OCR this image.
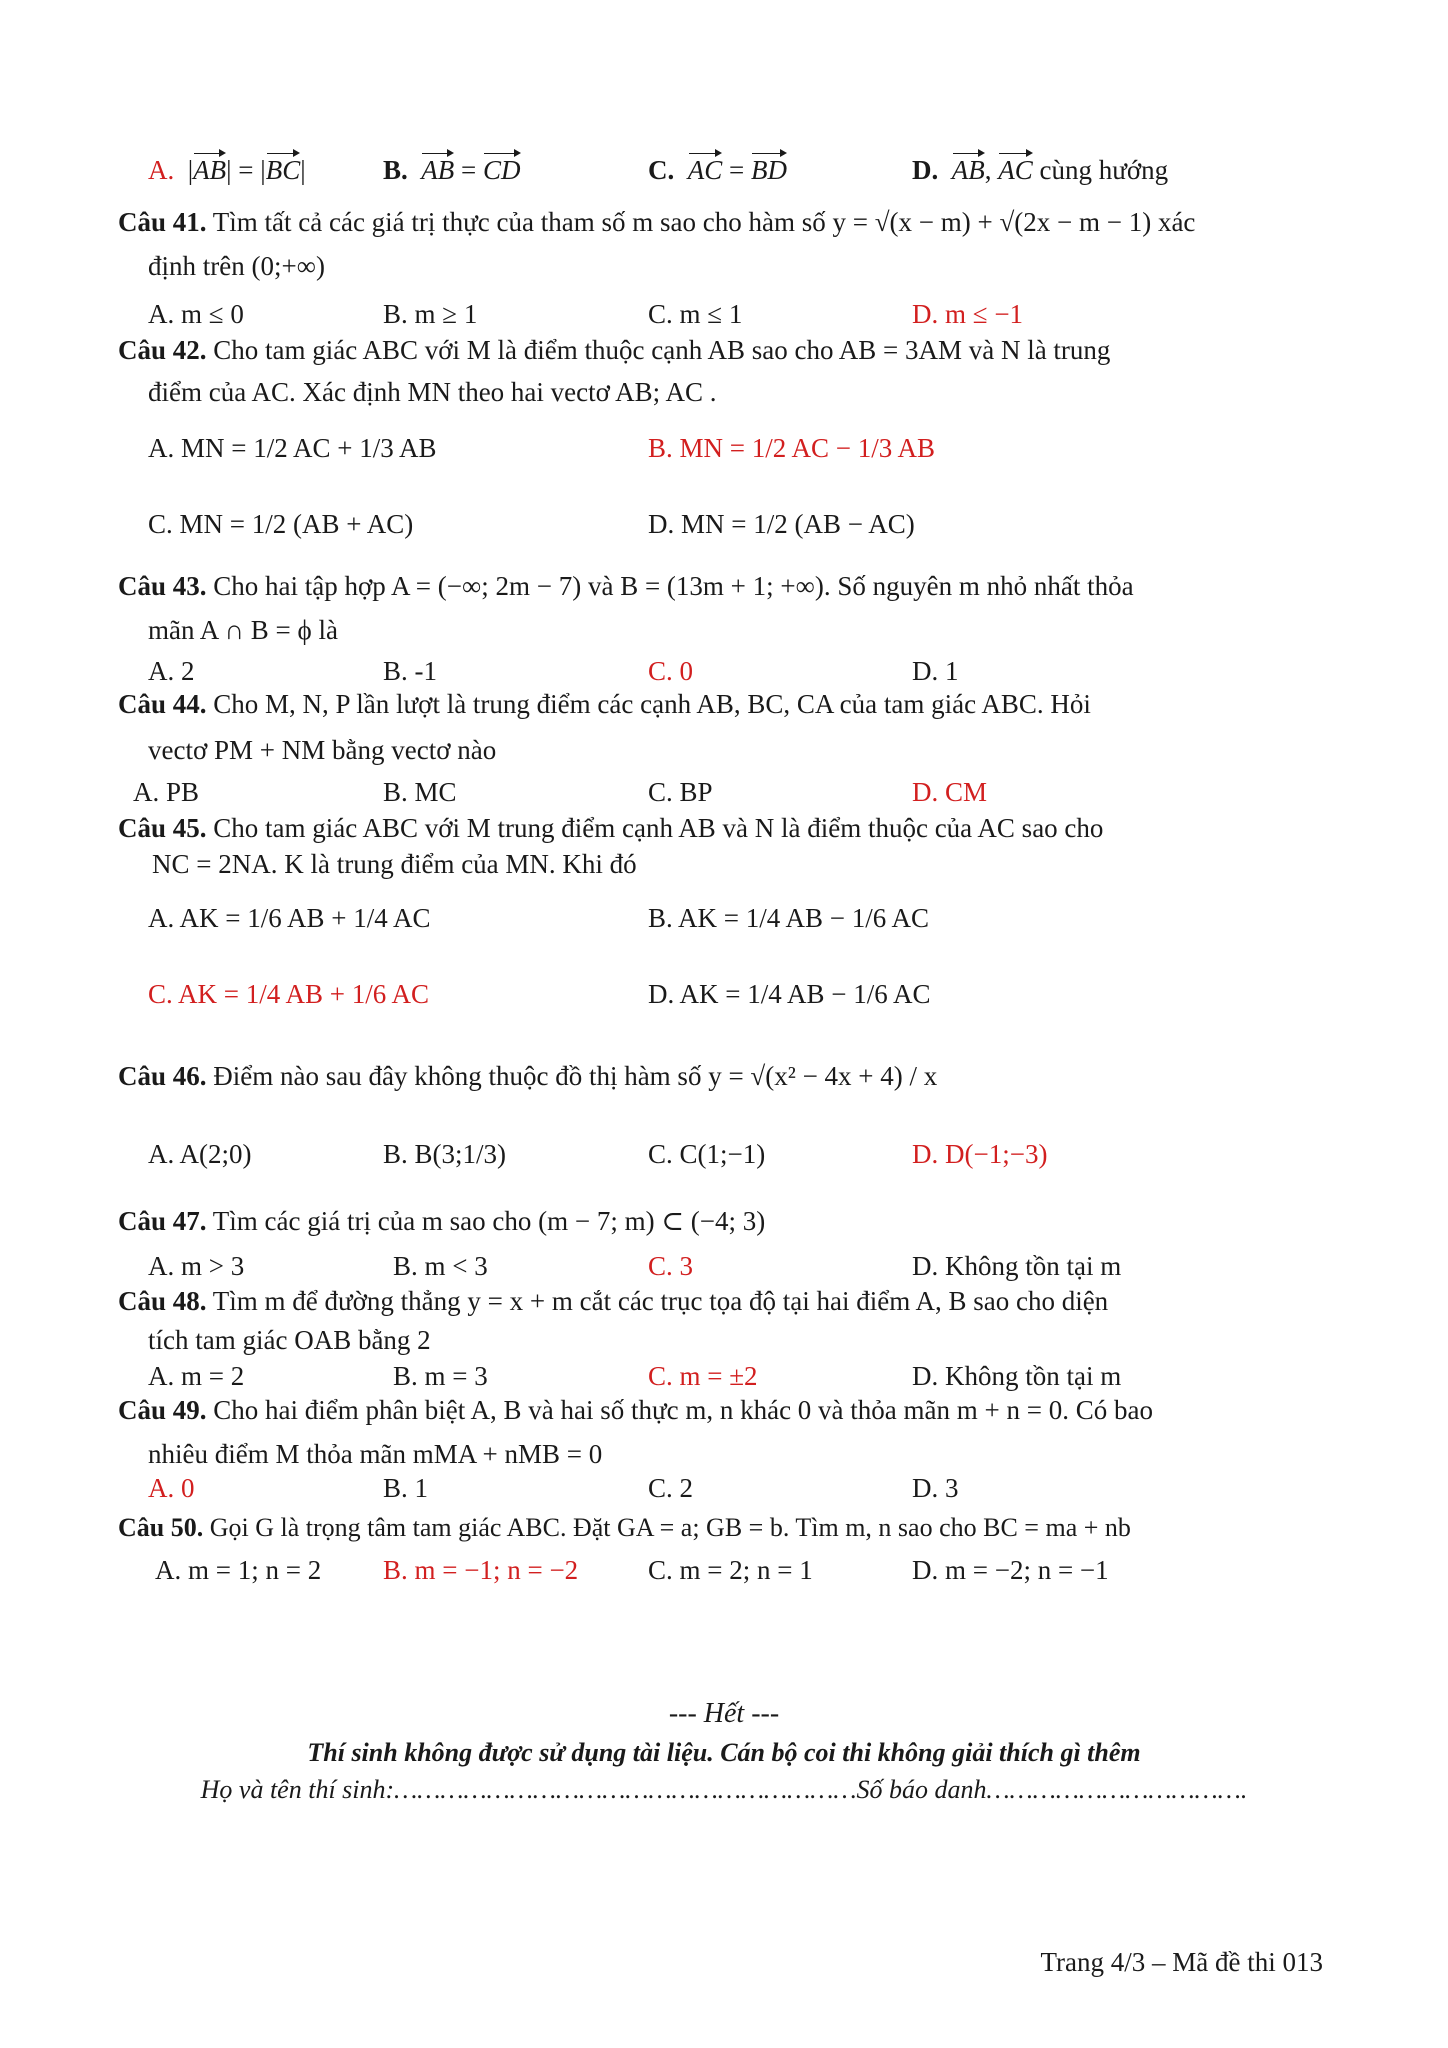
A.  |AB| = |BC|	B. AB = CD	C. AC = BD	D. AB, AC cùng hướng
Câu 41. Tìm tất cả các giá trị thực của tham số m sao cho hàm số y = √(x − m) + √(2x − m − 1) xác
định trên (0;+∞)
A. m ≤ 0	B. m ≥ 1	C. m ≤ 1	D. m ≤ −1
Câu 42. Cho tam giác ABC với M là điểm thuộc cạnh AB sao cho AB = 3AM và N là trung
điểm của AC. Xác định MN theo hai vectơ AB; AC .
A. MN = 1/2 AC + 1/3 AB	B. MN = 1/2 AC − 1/3 AB
C. MN = 1/2 (AB + AC)	D. MN = 1/2 (AB − AC)
Câu 43. Cho hai tập hợp A = (−∞; 2m − 7) và B = (13m + 1; +∞). Số nguyên m nhỏ nhất thỏa
mãn A ∩ B = ϕ là
A. 2	B. -1	C. 0	D. 1
Câu 44. Cho M, N, P lần lượt là trung điểm các cạnh AB, BC, CA của tam giác ABC. Hỏi
vectơ PM + NM bằng vectơ nào
A. PB	B. MC	C. BP	D. CM
Câu 45. Cho tam giác ABC với M trung điểm cạnh AB và N là điểm thuộc của AC sao cho
NC = 2NA. K là trung điểm của MN. Khi đó
A. AK = 1/6 AB + 1/4 AC	B. AK = 1/4 AB − 1/6 AC
C. AK = 1/4 AB + 1/6 AC	D. AK = 1/4 AB − 1/6 AC
Câu 46. Điểm nào sau đây không thuộc đồ thị hàm số y = √(x² − 4x + 4) / x
A. A(2;0)	B. B(3;1/3)	C. C(1;−1)	D. D(−1;−3)
Câu 47. Tìm các giá trị của m sao cho (m − 7; m) ⊂ (−4; 3)
A. m > 3	B. m < 3	C. 3	D. Không tồn tại m
Câu 48. Tìm m để đường thẳng y = x + m cắt các trục tọa độ tại hai điểm A, B sao cho diện
tích tam giác OAB bằng 2
A. m = 2	B. m = 3	C. m = ±2	D. Không tồn tại m
Câu 49. Cho hai điểm phân biệt A, B và hai số thực m, n khác 0 và thỏa mãn m + n = 0. Có bao
nhiêu điểm M thỏa mãn mMA + nMB = 0
A. 0	B. 1	C. 2	D. 3
Câu 50. Gọi G là trọng tâm tam giác ABC. Đặt GA = a; GB = b. Tìm m, n sao cho BC = ma + nb
A. m = 1; n = 2 B. m = −1; n = −2	C. m = 2; n = 1	D. m = −2; n = −1
--- Hết ---
Thí sinh không được sử dụng tài liệu. Cán bộ coi thi không giải thích gì thêm
Họ và tên thí sinh:……………………………………………………Số báo danh…………………………….
Trang 4/3 – Mã đề thi 013
